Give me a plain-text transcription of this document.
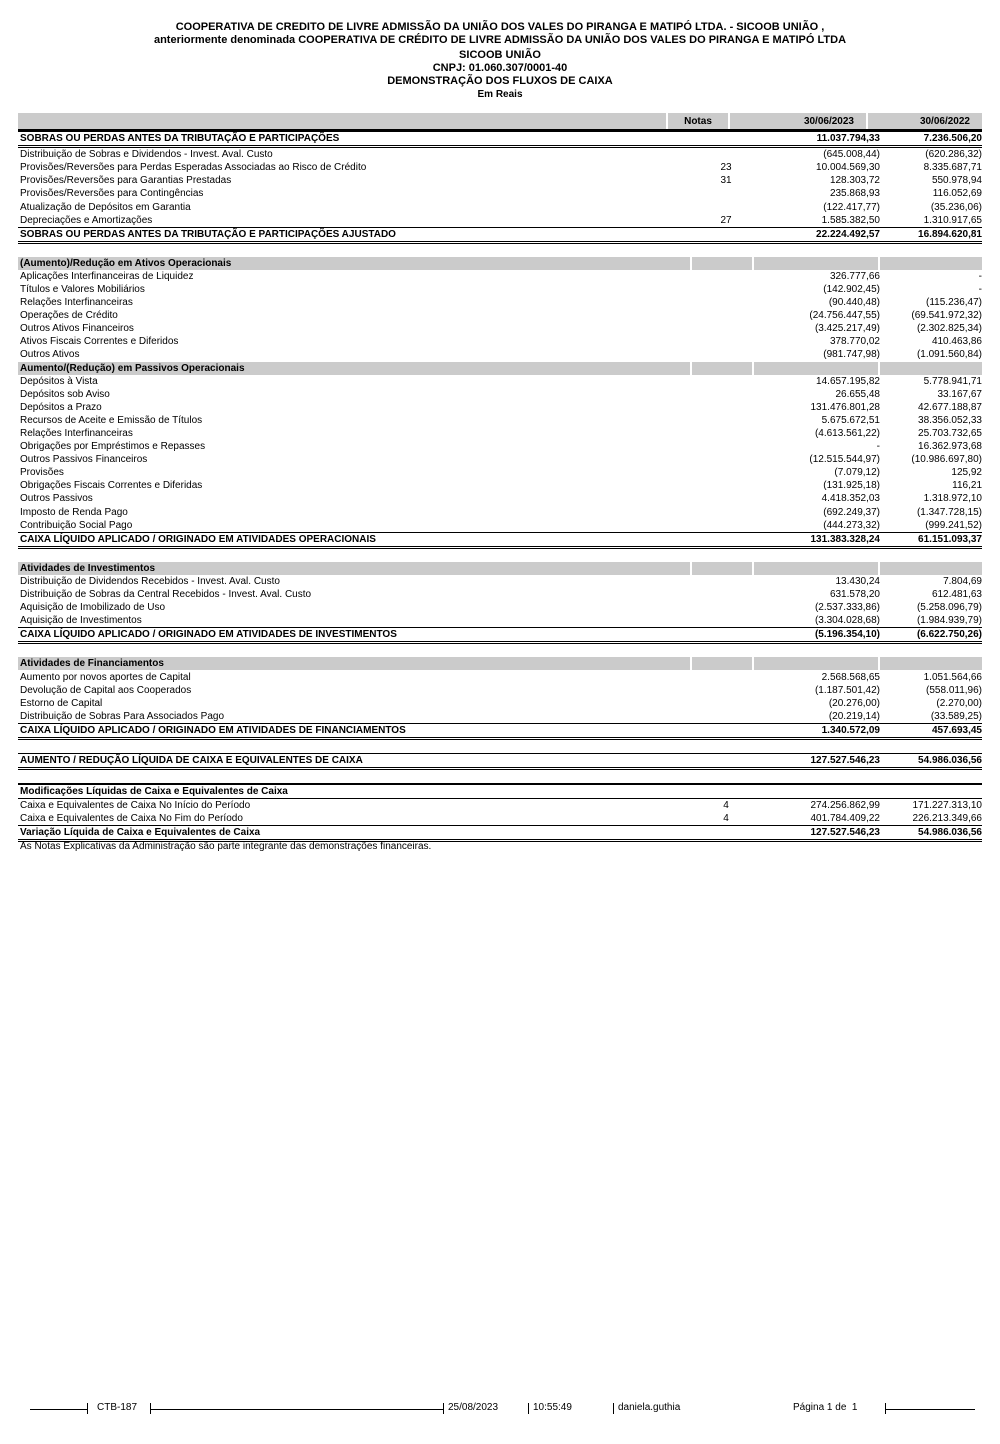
COOPERATIVA DE CREDITO DE LIVRE ADMISSÃO DA UNIÃO DOS VALES DO PIRANGA E MATIPÓ LTDA. - SICOOB UNIÃO ,
anteriormente denominada COOPERATIVA DE CRÉDITO DE LIVRE ADMISSÃO DA UNIÃO DOS VALES DO PIRANGA E MATIPÓ LTDA
SICOOB UNIÃO
CNPJ: 01.060.307/0001-40
DEMONSTRAÇÃO DOS FLUXOS DE CAIXA
Em Reais
Notas	30/06/2023	30/06/2022
SOBRAS OU PERDAS ANTES DA TRIBUTAÇÃO E PARTICIPAÇÕES	11.037.794,33	7.236.506,20
Distribuição de Sobras e Dividendos - Invest. Aval. Custo	(645.008,44)	(620.286,32)
Provisões/Reversões para Perdas Esperadas Associadas ao Risco de Crédito	23	10.004.569,30	8.335.687,71
Provisões/Reversões para Garantias Prestadas	31	128.303,72	550.978,94
Provisões/Reversões para Contingências	235.868,93	116.052,69
Atualização de Depósitos em Garantia	(122.417,77)	(35.236,06)
Depreciações e Amortizações	27	1.585.382,50	1.310.917,65
SOBRAS OU PERDAS ANTES DA TRIBUTAÇÃO E PARTICIPAÇÕES AJUSTADO	22.224.492,57	16.894.620,81
(Aumento)/Redução em Ativos Operacionais
Aplicações Interfinanceiras de Liquidez	326.777,66	-
Títulos e Valores Mobiliários	(142.902,45)	-
Relações Interfinanceiras	(90.440,48)	(115.236,47)
Operações de Crédito	(24.756.447,55)	(69.541.972,32)
Outros Ativos Financeiros	(3.425.217,49)	(2.302.825,34)
Ativos Fiscais Correntes e Diferidos	378.770,02	410.463,86
Outros Ativos	(981.747,98)	(1.091.560,84)
Aumento/(Redução) em Passivos Operacionais
Depósitos à Vista	14.657.195,82	5.778.941,71
Depósitos sob Aviso	26.655,48	33.167,67
Depósitos a Prazo	131.476.801,28	42.677.188,87
Recursos de Aceite e Emissão de Títulos	5.675.672,51	38.356.052,33
Relações Interfinanceiras	(4.613.561,22)	25.703.732,65
Obrigações por Empréstimos e Repasses	-	16.362.973,68
Outros Passivos Financeiros	(12.515.544,97)	(10.986.697,80)
Provisões	(7.079,12)	125,92
Obrigações Fiscais Correntes e Diferidas	(131.925,18)	116,21
Outros Passivos	4.418.352,03	1.318.972,10
Imposto de Renda Pago	(692.249,37)	(1.347.728,15)
Contribuição Social Pago	(444.273,32)	(999.241,52)
CAIXA LÍQUIDO APLICADO / ORIGINADO EM ATIVIDADES OPERACIONAIS	131.383.328,24	61.151.093,37
Atividades de Investimentos
Distribuição de Dividendos Recebidos - Invest. Aval. Custo	13.430,24	7.804,69
Distribuição de Sobras da Central Recebidos - Invest. Aval. Custo	631.578,20	612.481,63
Aquisição de Imobilizado de Uso	(2.537.333,86)	(5.258.096,79)
Aquisição de Investimentos	(3.304.028,68)	(1.984.939,79)
CAIXA LÍQUIDO APLICADO / ORIGINADO EM ATIVIDADES DE INVESTIMENTOS	(5.196.354,10)	(6.622.750,26)
Atividades de Financiamentos
Aumento por novos aportes de Capital	2.568.568,65	1.051.564,66
Devolução de Capital aos Cooperados	(1.187.501,42)	(558.011,96)
Estorno de Capital	(20.276,00)	(2.270,00)
Distribuição de Sobras Para Associados Pago	(20.219,14)	(33.589,25)
CAIXA LÍQUIDO APLICADO / ORIGINADO EM ATIVIDADES DE FINANCIAMENTOS	1.340.572,09	457.693,45
AUMENTO / REDUÇÃO LÍQUIDA DE CAIXA E EQUIVALENTES DE CAIXA	127.527.546,23	54.986.036,56
Modificações Líquidas de Caixa e Equivalentes de Caixa
Caixa e Equivalentes de Caixa No Início do Período	4	274.256.862,99	171.227.313,10
Caixa e Equivalentes de Caixa No Fim do Período	4	401.784.409,22	226.213.349,66
Variação Líquida de Caixa e Equivalentes de Caixa	127.527.546,23	54.986.036,56
As Notas Explicativas da Administração são parte integrante das demonstrações financeiras.
CTB-187	25/08/2023	10:55:49	daniela.guthia	Página 1 de  1
